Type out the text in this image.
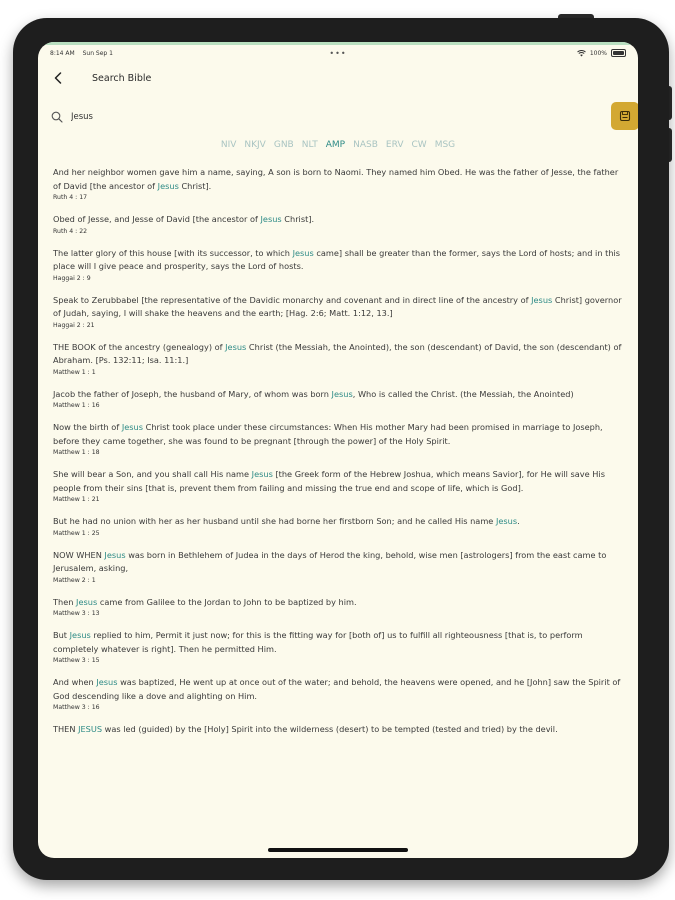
8:14 AM Sun Sep 1	•••	100%
Search Bible
Jesus
NIV NKJV GNB NLT AMP NASB ERV CW MSG

And her neighbor women gave him a name, saying, A son is born to Naomi. They named him Obed. He was the father of Jesse, the father of David [the ancestor of Jesus Christ].

Ruth 4 : 17

Obed of Jesse, and Jesse of David [the ancestor of Jesus Christ].

Ruth 4 : 22

The latter glory of this house [with its successor, to which Jesus came] shall be greater than the former, says the Lord of hosts; and in this place will I give peace and prosperity, says the Lord of hosts.

Haggai 2 : 9

Speak to Zerubbabel [the representative of the Davidic monarchy and covenant and in direct line of the ancestry of Jesus Christ] governor of Judah, saying, I will shake the heavens and the earth; [Hag. 2:6; Matt. 1:12, 13.]

Haggai 2 : 21

THE BOOK of the ancestry (genealogy) of Jesus Christ (the Messiah, the Anointed), the son (descendant) of David, the son (descendant) of Abraham. [Ps. 132:11; Isa. 11:1.]

Matthew 1 : 1

Jacob the father of Joseph, the husband of Mary, of whom was born Jesus, Who is called the Christ. (the Messiah, the Anointed)

Matthew 1 : 16

Now the birth of Jesus Christ took place under these circumstances: When His mother Mary had been promised in marriage to Joseph, before they came together, she was found to be pregnant [through the power] of the Holy Spirit.

Matthew 1 : 18

She will bear a Son, and you shall call His name Jesus [the Greek form of the Hebrew Joshua, which means Savior], for He will save His people from their sins [that is, prevent them from failing and missing the true end and scope of life, which is God].

Matthew 1 : 21

But he had no union with her as her husband until she had borne her firstborn Son; and he called His name Jesus.

Matthew 1 : 25

NOW WHEN Jesus was born in Bethlehem of Judea in the days of Herod the king, behold, wise men [astrologers] from the east came to Jerusalem, asking,

Matthew 2 : 1

Then Jesus came from Galilee to the Jordan to John to be baptized by him.

Matthew 3 : 13

But Jesus replied to him, Permit it just now; for this is the fitting way for [both of] us to fulfill all righteousness [that is, to perform completely whatever is right]. Then he permitted Him.

Matthew 3 : 15

And when Jesus was baptized, He went up at once out of the water; and behold, the heavens were opened, and he [John] saw the Spirit of God descending like a dove and alighting on Him.

Matthew 3 : 16

THEN JESUS was led (guided) by the [Holy] Spirit into the wilderness (desert) to be tempted (tested and tried) by the devil.
